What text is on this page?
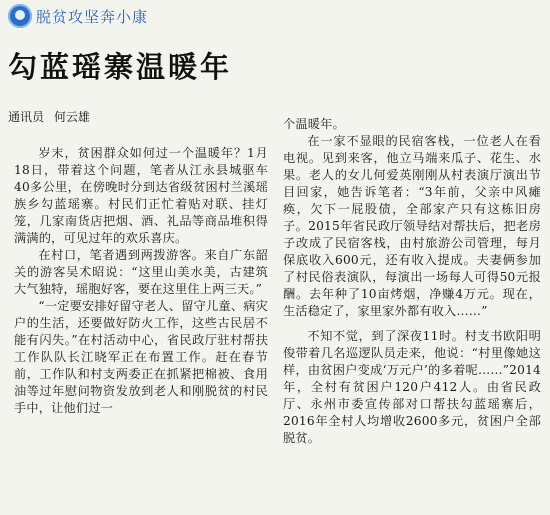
脱贫攻坚奔小康
勾蓝瑶寨温暖年
通讯员 何云雄

岁末，贫困群众如何过一个温暖年？1月18日，带着这个问题，笔者从江永县城驱车40多公里，在傍晚时分到达省级贫困村兰溪瑶族乡勾蓝瑶寨。村民们正忙着贴对联、挂灯笼，几家南货店把烟、酒、礼品等商品堆积得满满的，可见过年的欢乐喜庆。

在村口，笔者遇到两拨游客。来自广东韶关的游客吴术昭说：“这里山美水美，古建筑大气独特，瑶胞好客，要在这里住上两三天。”

“一定要安排好留守老人、留守儿童、病灾户的生活，还要做好防火工作，这些古民居不能有闪失。”在村活动中心，省民政厅驻村帮扶工作队队长江晓军正在布置工作。赶在春节前，工作队和村支两委正在抓紧把棉被、食用油等过年慰问物资发放到老人和刚脱贫的村民手中，让他们过一

个温暖年。

在一家不显眼的民宿客栈，一位老人在看电视。见到来客，他立马端来瓜子、花生、水果。老人的女儿何爱英刚刚从村表演厅演出节目回家，她告诉笔者：“3年前，父亲中风瘫痪，欠下一屁股债，全部家产只有这栋旧房子。2015年省民政厅领导结对帮扶后，把老房子改成了民宿客栈，由村旅游公司管理，每月保底收入600元，还有收入提成。夫妻俩参加了村民俗表演队，每演出一场每人可得50元报酬。去年种了10亩烤烟，净赚4万元。现在，生活稳定了，家里家外都有收入……”

不知不觉，到了深夜11时。村支书欧阳明俊带着几名巡逻队员走来，他说：“村里像她这样，由贫困户变成‘万元户’的多着呢……”2014年，全村有贫困户120户412人。由省民政厅、永州市委宣传部对口帮扶勾蓝瑶寨后，2016年全村人均增收2600多元，贫困户全部脱贫。
